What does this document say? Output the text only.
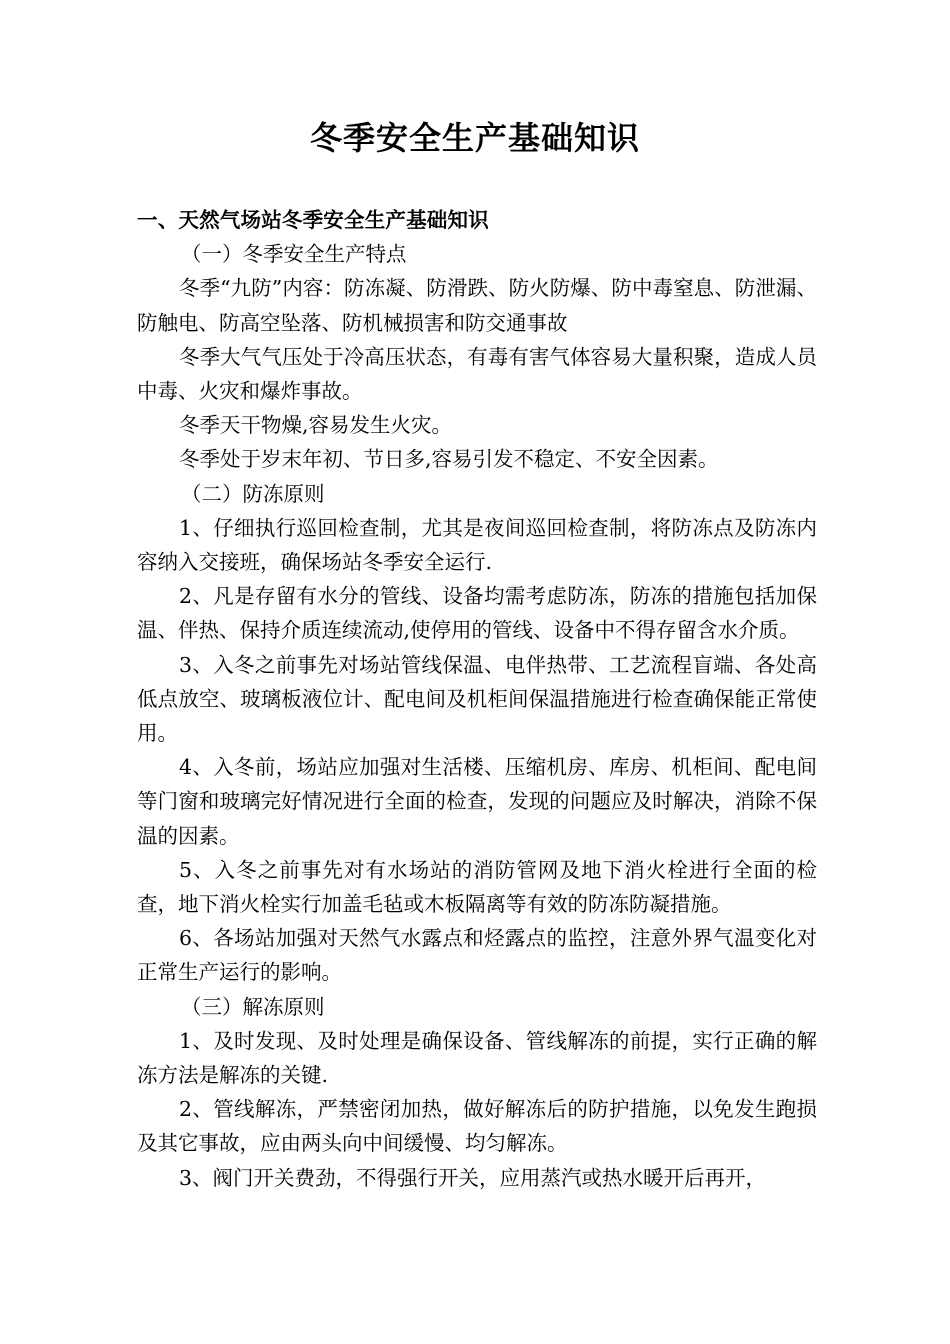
冬季安全生产基础知识

一、天然气场站冬季安全生产基础知识

（一）冬季安全生产特点

冬季“九防”内容：防冻凝、防滑跌、防火防爆、防中毒窒息、防泄漏、防触电、防高空坠落、防机械损害和防交通事故

冬季大气气压处于冷高压状态，有毒有害气体容易大量积聚，造成人员中毒、火灾和爆炸事故。

冬季天干物燥,容易发生火灾。

冬季处于岁末年初、节日多,容易引发不稳定、不安全因素。

（二）防冻原则

1、仔细执行巡回检查制，尤其是夜间巡回检查制，将防冻点及防冻内容纳入交接班，确保场站冬季安全运行.

2、凡是存留有水分的管线、设备均需考虑防冻，防冻的措施包括加保温、伴热、保持介质连续流动,使停用的管线、设备中不得存留含水介质。

3、入冬之前事先对场站管线保温、电伴热带、工艺流程盲端、各处高低点放空、玻璃板液位计、配电间及机柜间保温措施进行检查确保能正常使用。

4、入冬前，场站应加强对生活楼、压缩机房、库房、机柜间、配电间等门窗和玻璃完好情况进行全面的检查，发现的问题应及时解决，消除不保温的因素。

5、入冬之前事先对有水场站的消防管网及地下消火栓进行全面的检查，地下消火栓实行加盖毛毡或木板隔离等有效的防冻防凝措施。

6、各场站加强对天然气水露点和烃露点的监控，注意外界气温变化对正常生产运行的影响。

（三）解冻原则

1、及时发现、及时处理是确保设备、管线解冻的前提，实行正确的解冻方法是解冻的关键.

2、管线解冻，严禁密闭加热，做好解冻后的防护措施，以免发生跑损及其它事故，应由两头向中间缓慢、均匀解冻。

3、阀门开关费劲，不得强行开关，应用蒸汽或热水暖开后再开，
